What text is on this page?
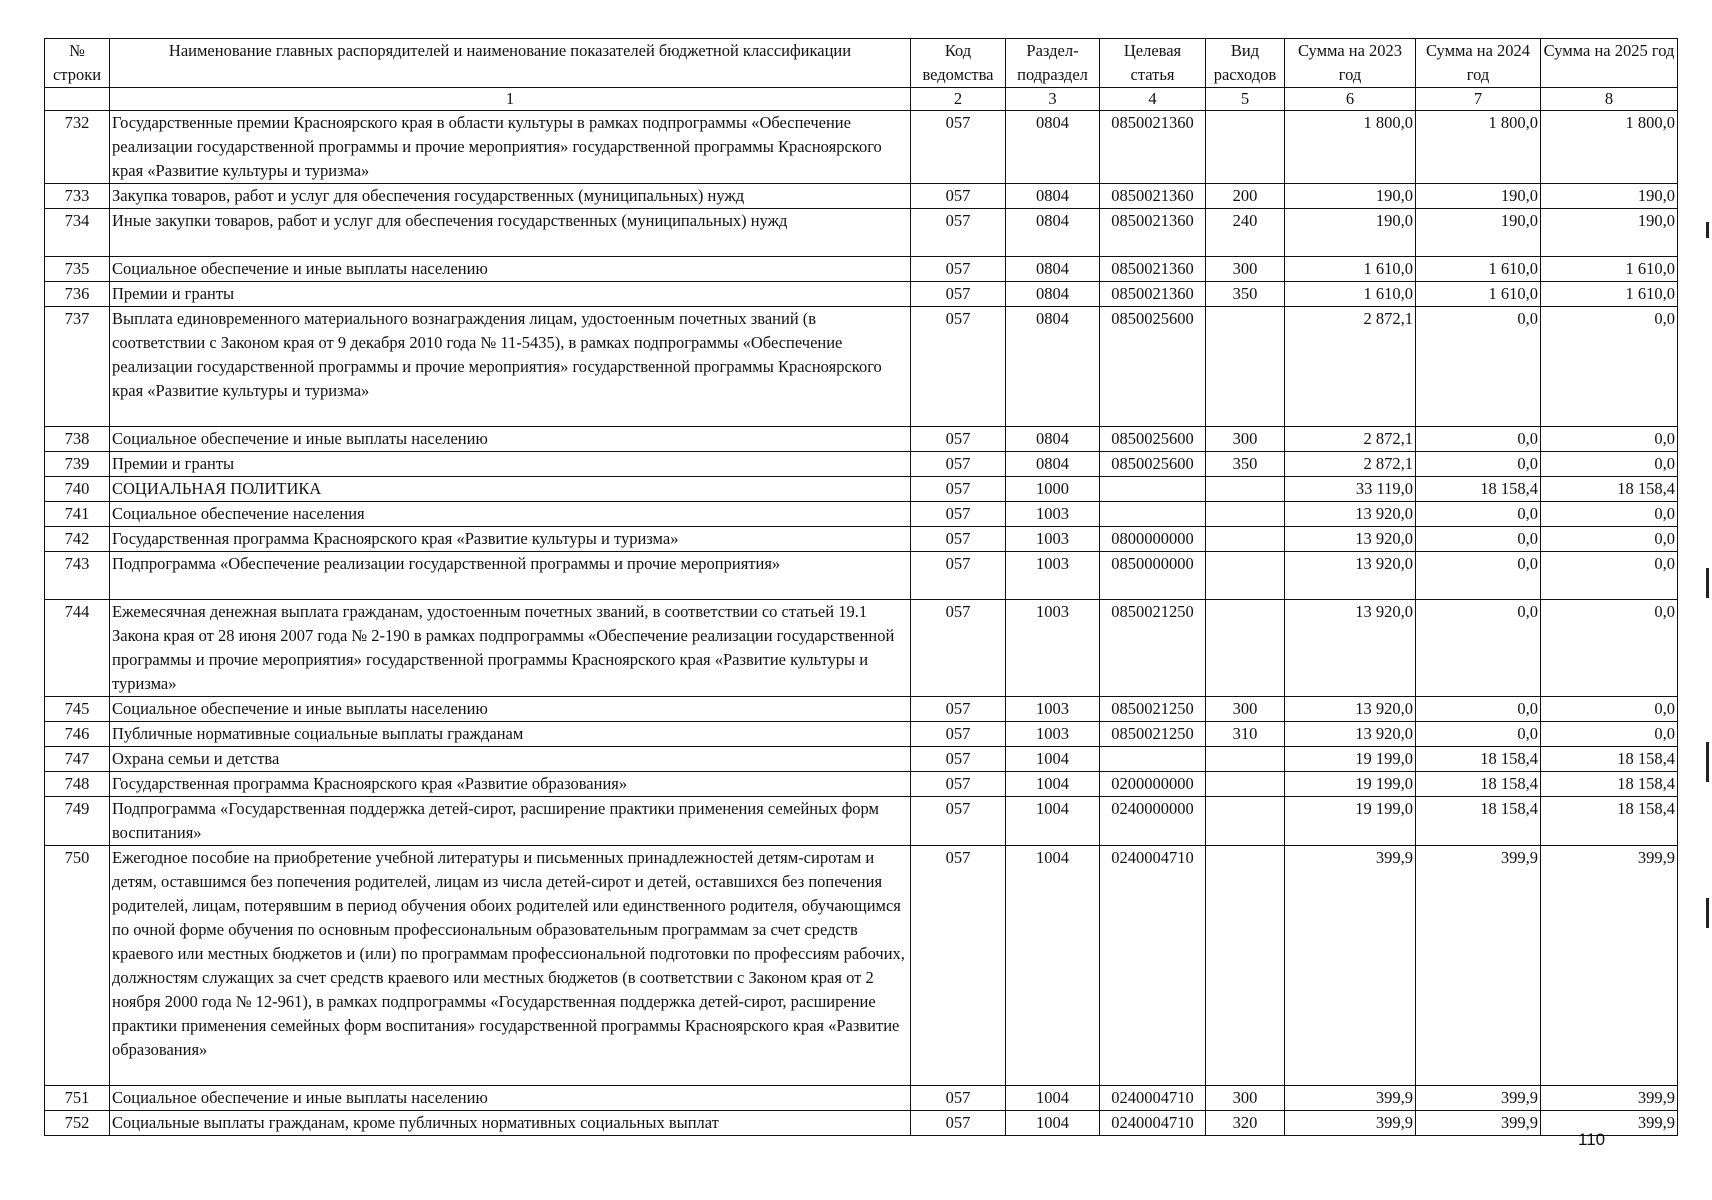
№ строки	Наименование главных распорядителей и наименование показателей бюджетной классификации	Код ведомства	Раздел-подраздел	Целевая статья	Вид расходов	Сумма на 2023 год	Сумма на 2024 год	Сумма на 2025 год
	1	2	3	4	5	6	7	8
732	Государственные премии Красноярского края в области культуры в рамках подпрограммы «Обеспечение реализации государственной программы и прочие мероприятия» государственной программы Красноярского края «Развитие культуры и туризма»	057	0804	0850021360		1 800,0	1 800,0	1 800,0
733	Закупка товаров, работ и услуг для обеспечения государственных (муниципальных) нужд	057	0804	0850021360	200	190,0	190,0	190,0
734	Иные закупки товаров, работ и услуг для обеспечения государственных (муниципальных) нужд	057	0804	0850021360	240	190,0	190,0	190,0
735	Социальное обеспечение и иные выплаты населению	057	0804	0850021360	300	1 610,0	1 610,0	1 610,0
736	Премии и гранты	057	0804	0850021360	350	1 610,0	1 610,0	1 610,0
737	Выплата единовременного материального вознаграждения лицам, удостоенным почетных званий (в соответствии с Законом края от 9 декабря 2010 года № 11-5435), в рамках подпрограммы «Обеспечение реализации государственной программы и прочие мероприятия» государственной программы Красноярского края «Развитие культуры и туризма»	057	0804	0850025600		2 872,1	0,0	0,0
738	Социальное обеспечение и иные выплаты населению	057	0804	0850025600	300	2 872,1	0,0	0,0
739	Премии и гранты	057	0804	0850025600	350	2 872,1	0,0	0,0
740	СОЦИАЛЬНАЯ ПОЛИТИКА	057	1000			33 119,0	18 158,4	18 158,4
741	Социальное обеспечение населения	057	1003			13 920,0	0,0	0,0
742	Государственная программа Красноярского края «Развитие культуры и туризма»	057	1003	0800000000		13 920,0	0,0	0,0
743	Подпрограмма «Обеспечение реализации государственной программы и прочие мероприятия»	057	1003	0850000000		13 920,0	0,0	0,0
744	Ежемесячная денежная выплата гражданам, удостоенным почетных званий, в соответствии со статьей 19.1 Закона края от 28 июня 2007 года № 2-190 в рамках подпрограммы «Обеспечение реализации государственной программы и прочие мероприятия» государственной программы Красноярского края «Развитие культуры и туризма»	057	1003	0850021250		13 920,0	0,0	0,0
745	Социальное обеспечение и иные выплаты населению	057	1003	0850021250	300	13 920,0	0,0	0,0
746	Публичные нормативные социальные выплаты гражданам	057	1003	0850021250	310	13 920,0	0,0	0,0
747	Охрана семьи и детства	057	1004			19 199,0	18 158,4	18 158,4
748	Государственная программа Красноярского края «Развитие образования»	057	1004	0200000000		19 199,0	18 158,4	18 158,4
749	Подпрограмма «Государственная поддержка детей-сирот, расширение практики применения семейных форм воспитания»	057	1004	0240000000		19 199,0	18 158,4	18 158,4
750	Ежегодное пособие на приобретение учебной литературы и письменных принадлежностей детям-сиротам и детям, оставшимся без попечения родителей, лицам из числа детей-сирот и детей, оставшихся без попечения родителей, лицам, потерявшим в период обучения обоих родителей или единственного родителя, обучающимся по очной форме обучения по основным профессиональным образовательным программам за счет средств краевого или местных бюджетов и (или) по программам профессиональной подготовки по профессиям рабочих, должностям служащих за счет средств краевого или местных бюджетов (в соответствии с Законом края от 2 ноября 2000 года № 12-961), в рамках подпрограммы «Государственная поддержка детей-сирот, расширение практики применения семейных форм воспитания» государственной программы Красноярского края «Развитие образования»	057	1004	0240004710		399,9	399,9	399,9
751	Социальное обеспечение и иные выплаты населению	057	1004	0240004710	300	399,9	399,9	399,9
752	Социальные выплаты гражданам, кроме публичных нормативных социальных выплат	057	1004	0240004710	320	399,9	399,9	399,9
110
